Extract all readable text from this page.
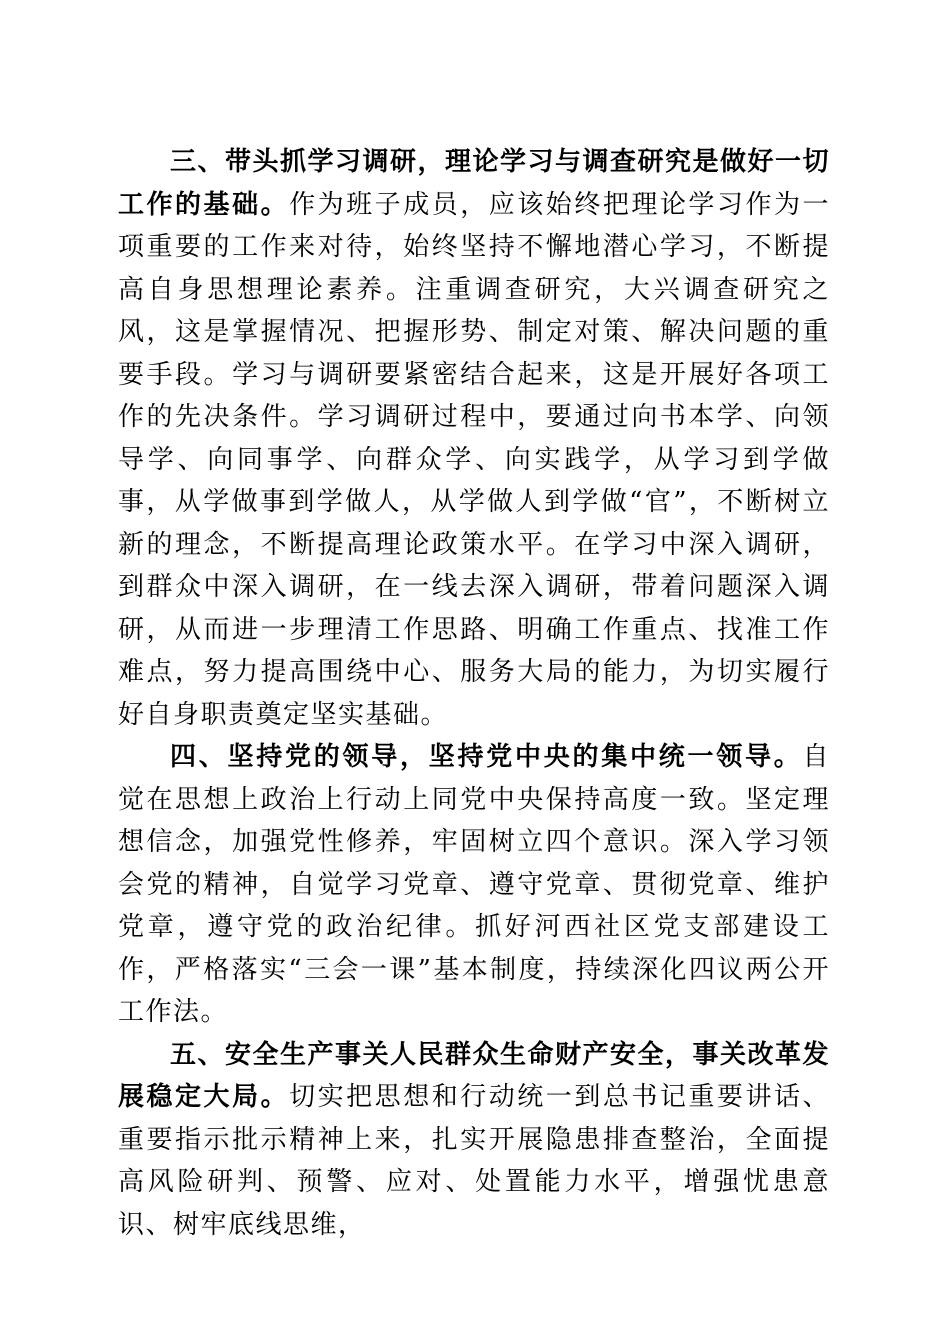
三、带头抓学习调研，理论学习与调查研究是做好一切工作的基础。作为班子成员，应该始终把理论学习作为一项重要的工作来对待，始终坚持不懈地潜心学习，不断提高自身思想理论素养。注重调查研究，大兴调查研究之风，这是掌握情况、把握形势、制定对策、解决问题的重要手段。学习与调研要紧密结合起来，这是开展好各项工作的先决条件。学习调研过程中，要通过向书本学、向领导学、向同事学、向群众学、向实践学，从学习到学做事，从学做事到学做人，从学做人到学做“官”，不断树立新的理念，不断提高理论政策水平。在学习中深入调研，到群众中深入调研，在一线去深入调研，带着问题深入调研，从而进一步理清工作思路、明确工作重点、找准工作难点，努力提高围绕中心、服务大局的能力，为切实履行好自身职责奠定坚实基础。

四、坚持党的领导，坚持党中央的集中统一领导。自觉在思想上政治上行动上同党中央保持高度一致。坚定理想信念，加强党性修养，牢固树立四个意识。深入学习领会党的精神，自觉学习党章、遵守党章、贯彻党章、维护党章，遵守党的政治纪律。抓好河西社区党支部建设工作，严格落实“三会一课”基本制度，持续深化四议两公开工作法。

五、安全生产事关人民群众生命财产安全，事关改革发展稳定大局。切实把思想和行动统一到总书记重要讲话、重要指示批示精神上来，扎实开展隐患排查整治，全面提高风险研判、预警、应对、处置能力水平，增强忧患意识、树牢底线思维，
